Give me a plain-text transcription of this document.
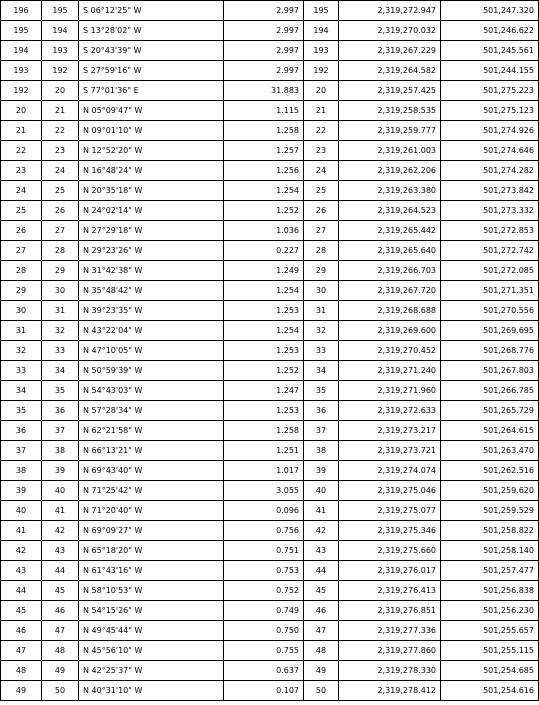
196	195	S 06°12'25" W	2.997	195	2,319,272.947	501,247.320
195	194	S 13°28'02" W	2.997	194	2,319,270.032	501,246.622
194	193	S 20°43'39" W	2.997	193	2,319,267.229	501,245.561
193	192	S 27°59'16" W	2.997	192	2,319,264.582	501,244.155
192	20	S 77°01'36" E	31.883	20	2,319,257.425	501,275.223
20	21	N 05°09'47" W	1.115	21	2,319,258.535	501,275.123
21	22	N 09°01'10" W	1.258	22	2,319,259.777	501,274.926
22	23	N 12°52'20" W	1.257	23	2,319,261.003	501,274.646
23	24	N 16°48'24" W	1.256	24	2,319,262.206	501,274.282
24	25	N 20°35'18" W	1.254	25	2,319,263.380	501,273.842
25	26	N 24°02'14" W	1.252	26	2,319,264.523	501,273.332
26	27	N 27°29'18" W	1.036	27	2,319,265.442	501,272.853
27	28	N 29°23'26" W	0.227	28	2,319,265.640	501,272.742
28	29	N 31°42'38" W	1.249	29	2,319,266.703	501,272.085
29	30	N 35°48'42" W	1.254	30	2,319,267.720	501,271.351
30	31	N 39°23'35" W	1.253	31	2,319,268.688	501,270.556
31	32	N 43°22'04" W	1.254	32	2,319,269.600	501,269.695
32	33	N 47°10'05" W	1.253	33	2,319,270.452	501,268.776
33	34	N 50°59'39" W	1.252	34	2,319,271.240	501,267.803
34	35	N 54°43'03" W	1.247	35	2,319,271.960	501,266.785
35	36	N 57°28'34" W	1.253	36	2,319,272.633	501,265.729
36	37	N 62°21'58" W	1.258	37	2,319,273.217	501,264.615
37	38	N 66°13'21" W	1.251	38	2,319,273.721	501,263.470
38	39	N 69°43'40" W	1.017	39	2,319,274.074	501,262.516
39	40	N 71°25'42" W	3.055	40	2,319,275.046	501,259.620
40	41	N 71°20'40" W	0.096	41	2,319,275.077	501,259.529
41	42	N 69°09'27" W	0.756	42	2,319,275.346	501,258.822
42	43	N 65°18'20" W	0.751	43	2,319,275.660	501,258.140
43	44	N 61°43'16" W	0.753	44	2,319,276.017	501,257.477
44	45	N 58°10'53" W	0.752	45	2,319,276.413	501,256.838
45	46	N 54°15'26" W	0.749	46	2,319,276.851	501,256.230
46	47	N 49°45'44" W	0.750	47	2,319,277.336	501,255.657
47	48	N 45°56'10" W	0.755	48	2,319,277.860	501,255.115
48	49	N 42°25'37" W	0.637	49	2,319,278.330	501,254.685
49	50	N 40°31'10" W	0.107	50	2,319,278.412	501,254.616
